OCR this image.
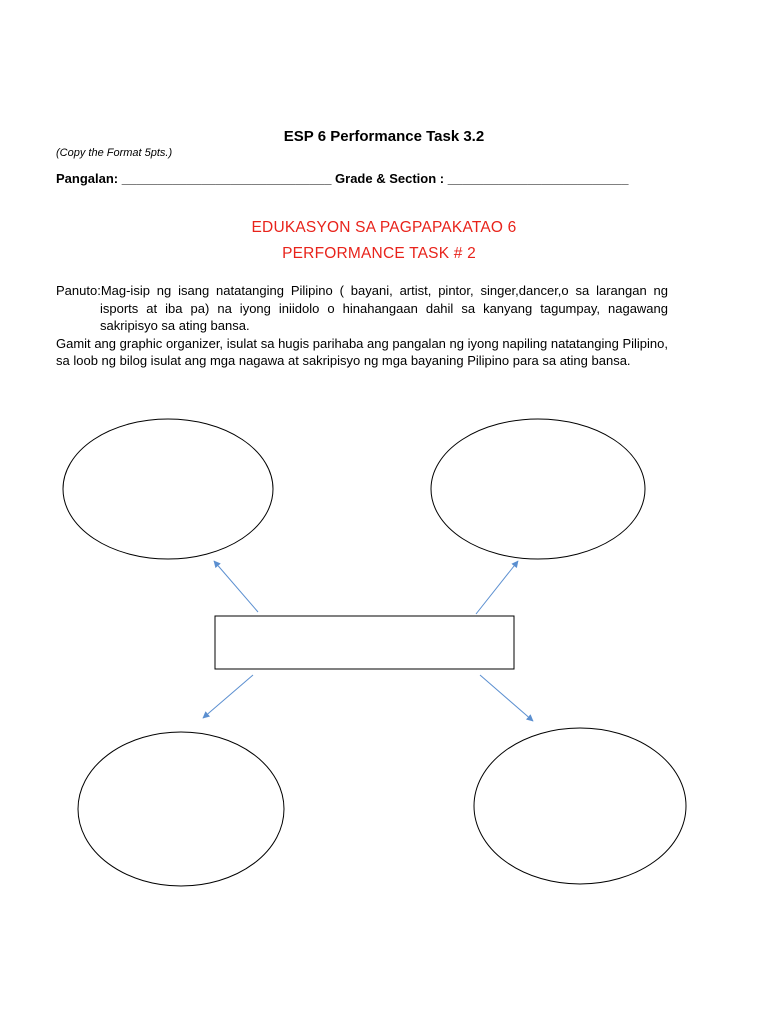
ESP 6 Performance Task 3.2
(Copy the Format 5pts.)
Pangalan: _____________________________ Grade & Section : _________________________
EDUKASYON SA PAGPAPAKATAO 6
PERFORMANCE TASK # 2

Panuto:Mag-isip ng isang natatanging Pilipino ( bayani, artist, pintor, singer,dancer,o sa larangan ng isports at iba pa) na iyong iniidolo o hinahangaan dahil sa kanyang tagumpay, nagawang sakripisyo sa ating bansa.

Gamit ang graphic organizer, isulat sa hugis parihaba ang pangalan ng iyong napiling natatanging Pilipino, sa loob ng bilog isulat ang mga nagawa at sakripisyo ng mga bayaning Pilipino para sa ating bansa.
